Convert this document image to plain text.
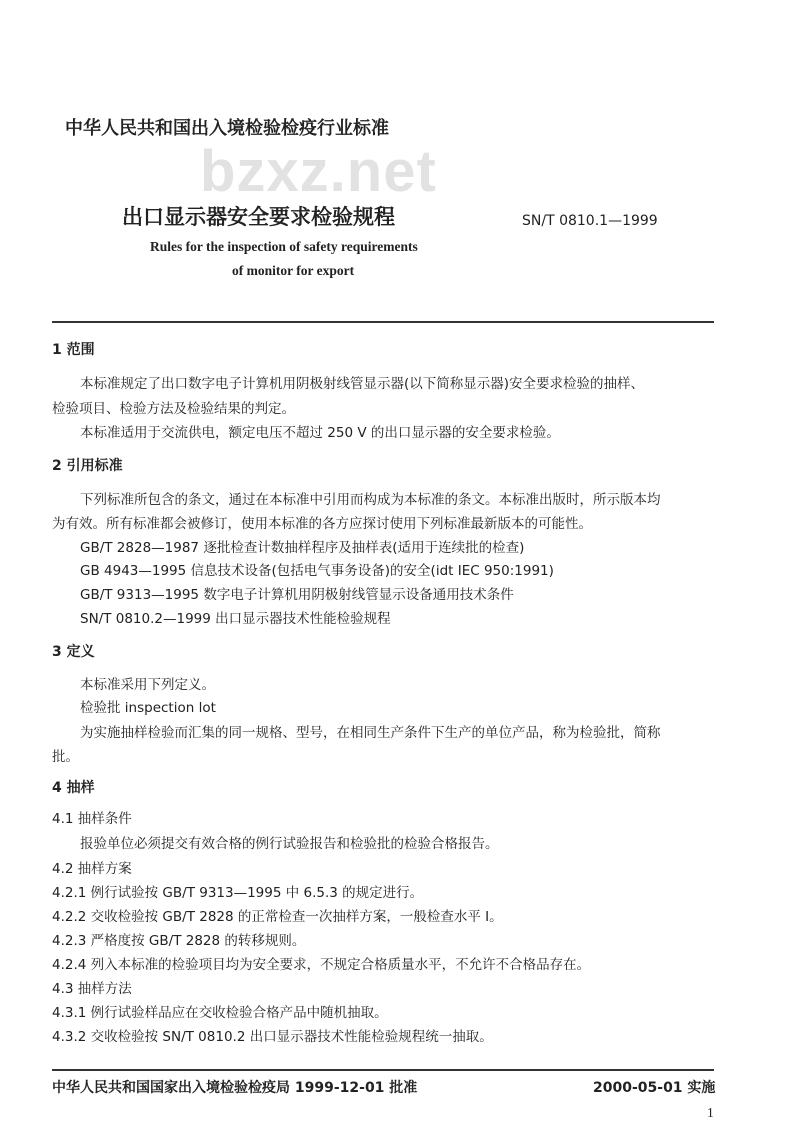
中华人民共和国出入境检验检疫行业标准
bzxz.net
出口显示器安全要求检验规程	SN/T 0810.1—1999
Rules for the inspection of safety requirements
of monitor for export
1 范围
本标准规定了出口数字电子计算机用阴极射线管显示器(以下简称显示器)安全要求检验的抽样、
检验项目、检验方法及检验结果的判定。
本标准适用于交流供电，额定电压不超过 250 V 的出口显示器的安全要求检验。
2 引用标准
下列标准所包含的条文，通过在本标准中引用而构成为本标准的条文。本标准出版时，所示版本均
为有效。所有标准都会被修订，使用本标准的各方应探讨使用下列标准最新版本的可能性。
GB/T 2828—1987 逐批检查计数抽样程序及抽样表(适用于连续批的检查)
GB 4943—1995 信息技术设备(包括电气事务设备)的安全(idt IEC 950:1991)
GB/T 9313—1995 数字电子计算机用阴极射线管显示设备通用技术条件
SN/T 0810.2—1999 出口显示器技术性能检验规程
3 定义
本标准采用下列定义。
检验批 inspection lot
为实施抽样检验而汇集的同一规格、型号，在相同生产条件下生产的单位产品，称为检验批，简称
批。
4 抽样
4.1 抽样条件
报验单位必须提交有效合格的例行试验报告和检验批的检验合格报告。
4.2 抽样方案
4.2.1 例行试验按 GB/T 9313—1995 中 6.5.3 的规定进行。
4.2.2 交收检验按 GB/T 2828 的正常检查一次抽样方案，一般检查水平 Ⅰ。
4.2.3 严格度按 GB/T 2828 的转移规则。
4.2.4 列入本标准的检验项目均为安全要求，不规定合格质量水平，不允许不合格品存在。
4.3 抽样方法
4.3.1 例行试验样品应在交收检验合格产品中随机抽取。
4.3.2 交收检验按 SN/T 0810.2 出口显示器技术性能检验规程统一抽取。
中华人民共和国国家出入境检验检疫局 1999-12-01 批准	2000-05-01 实施
1
